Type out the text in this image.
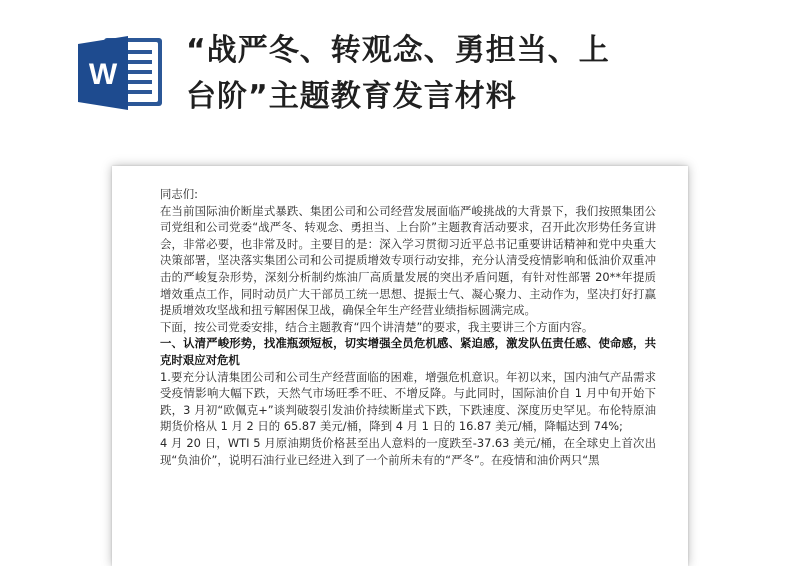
W
“战严冬、转观念、勇担当、上
台阶”主题教育发言材料

同志们:

在当前国际油价断崖式暴跌、集团公司和公司经营发展面临严峻挑战的大背景下，我们按照集团公司党组和公司党委“战严冬、转观念、勇担当、上台阶”主题教育活动要求，召开此次形势任务宣讲会，非常必要，也非常及时。主要目的是：深入学习贯彻习近平总书记重要讲话精神和党中央重大决策部署，坚决落实集团公司和公司提质增效专项行动安排，充分认清受疫情影响和低油价双重冲击的严峻复杂形势，深刻分析制约炼油厂高质量发展的突出矛盾问题，有针对性部署 20**年提质增效重点工作，同时动员广大干部员工统一思想、提振士气、凝心聚力、主动作为，坚决打好打赢提质增效攻坚战和扭亏解困保卫战，确保全年生产经营业绩指标圆满完成。

下面，按公司党委安排，结合主题教育“四个讲清楚”的要求，我主要讲三个方面内容。

一、认清严峻形势，找准瓶颈短板，切实增强全员危机感、紧迫感，激发队伍责任感、使命感，共克时艰应对危机

1.要充分认清集团公司和公司生产经营面临的困难，增强危机意识。年初以来，国内油气产品需求受疫情影响大幅下跌，天然气市场旺季不旺、不增反降。与此同时，国际油价自 1 月中旬开始下跌，3 月初“欧佩克+”谈判破裂引发油价持续断崖式下跌，下跌速度、深度历史罕见。布伦特原油期货价格从 1 月 2 日的 65.87 美元/桶，降到 4 月 1 日的 16.87 美元/桶，降幅达到 74%;

4 月 20 日，WTI 5 月原油期货价格甚至出人意料的一度跌至-37.63 美元/桶，在全球史上首次出现“负油价”，说明石油行业已经进入到了一个前所未有的“严冬”。在疫情和油价两只“黑
